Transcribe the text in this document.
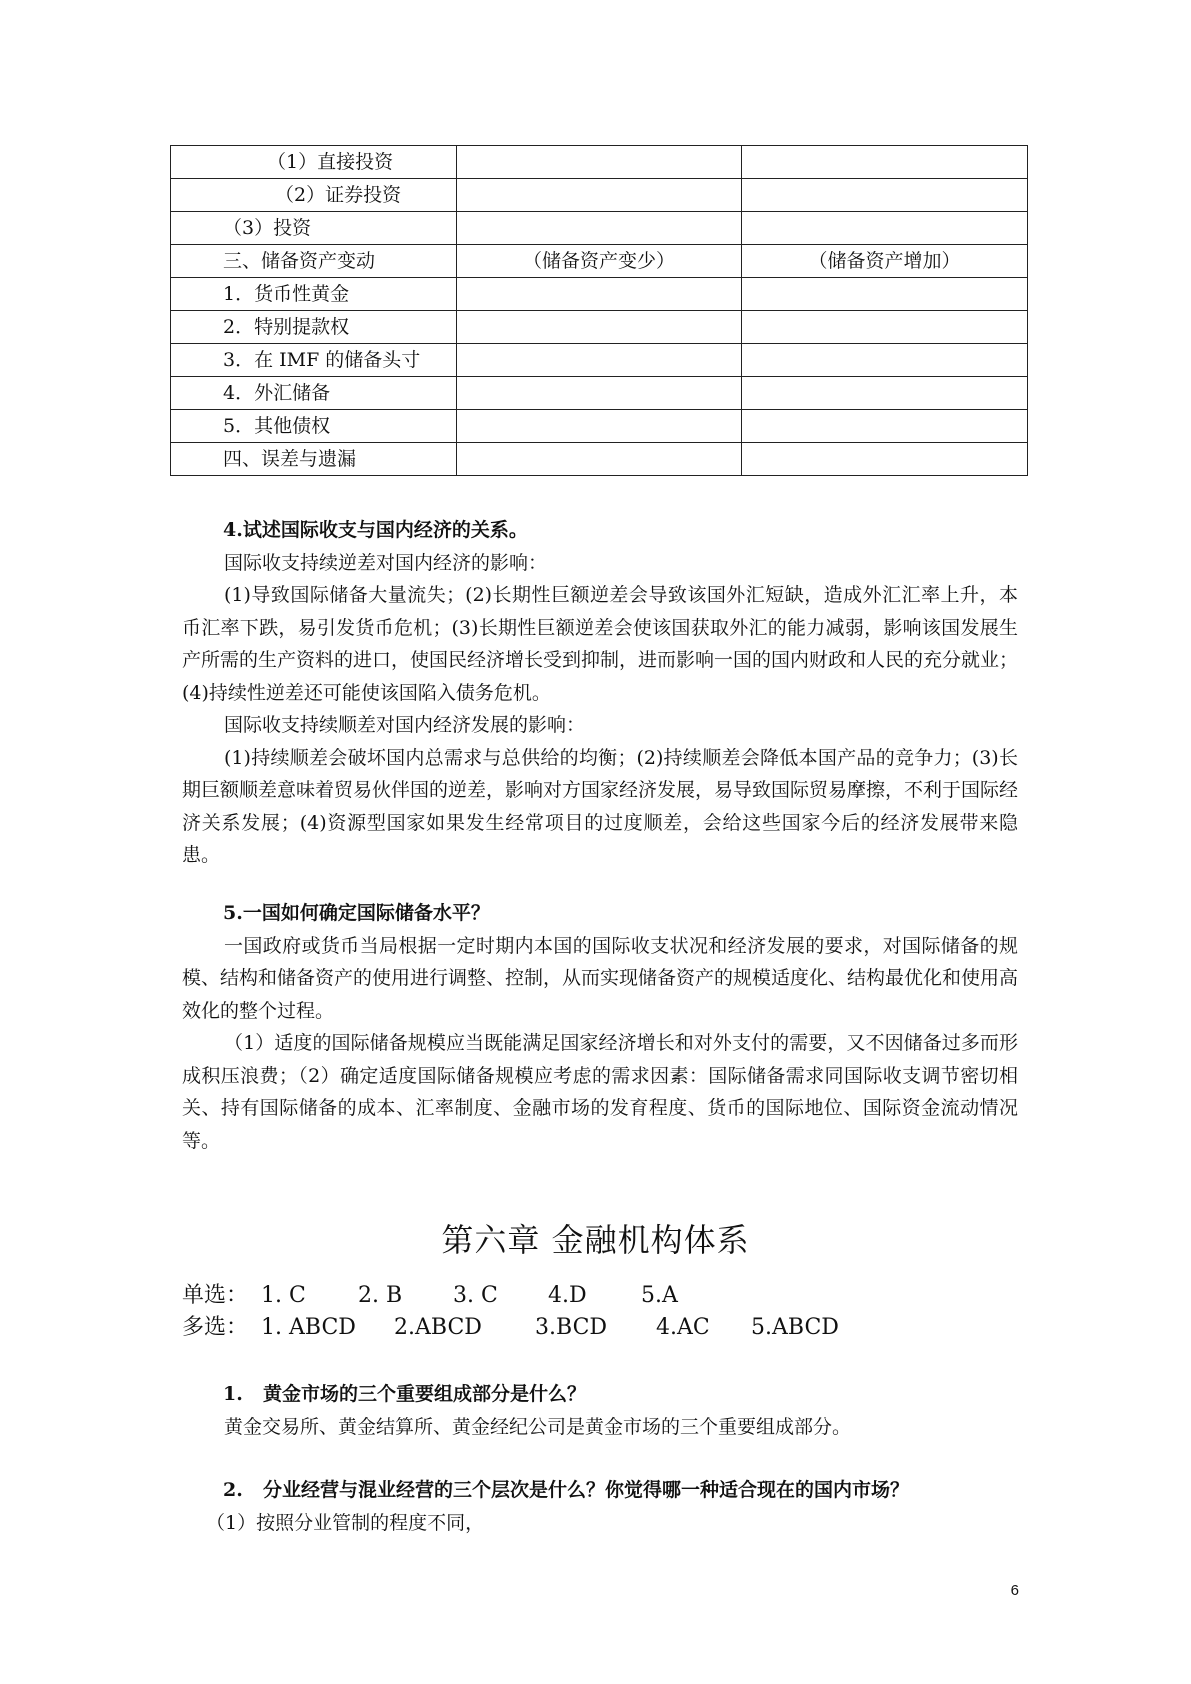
（1）直接投资		
（2）证券投资		
（3）投资		
三、储备资产变动	（储备资产变少）	（储备资产增加）
1．货币性黄金		
2．特别提款权		
3．在 IMF 的储备头寸		
4．外汇储备		
5．其他债权		
四、误差与遗漏		

4.试述国际收支与国内经济的关系。

国际收支持续逆差对国内经济的影响：

(1)导致国际储备大量流失；(2)长期性巨额逆差会导致该国外汇短缺，造成外汇汇率上升，本币汇率下跌，易引发货币危机；(3)长期性巨额逆差会使该国获取外汇的能力减弱，影响该国发展生产所需的生产资料的进口，使国民经济增长受到抑制，进而影响一国的国内财政和人民的充分就业；(4)持续性逆差还可能使该国陷入债务危机。

国际收支持续顺差对国内经济发展的影响：

(1)持续顺差会破坏国内总需求与总供给的均衡；(2)持续顺差会降低本国产品的竞争力；(3)长期巨额顺差意味着贸易伙伴国的逆差，影响对方国家经济发展，易导致国际贸易摩擦，不利于国际经济关系发展；(4)资源型国家如果发生经常项目的过度顺差，会给这些国家今后的经济发展带来隐患。

5.一国如何确定国际储备水平？

一国政府或货币当局根据一定时期内本国的国际收支状况和经济发展的要求，对国际储备的规模、结构和储备资产的使用进行调整、控制，从而实现储备资产的规模适度化、结构最优化和使用高效化的整个过程。

（1）适度的国际储备规模应当既能满足国家经济增长和对外支付的需要，又不因储备过多而形成积压浪费；（2）确定适度国际储备规模应考虑的需求因素：国际储备需求同国际收支调节密切相关、持有国际储备的成本、汇率制度、金融市场的发育程度、货币的国际地位、国际资金流动情况等。

第六章 金融机构体系
单选： 1. C 2. B 3. C 4.D 5.A
多选： 1. ABCD 2.ABCD 3.BCD 4.AC 5.ABCD

1. 黄金市场的三个重要组成部分是什么？

黄金交易所、黄金结算所、黄金经纪公司是黄金市场的三个重要组成部分。

2. 分业经营与混业经营的三个层次是什么？你觉得哪一种适合现在的国内市场？

（1）按照分业管制的程度不同，

6
